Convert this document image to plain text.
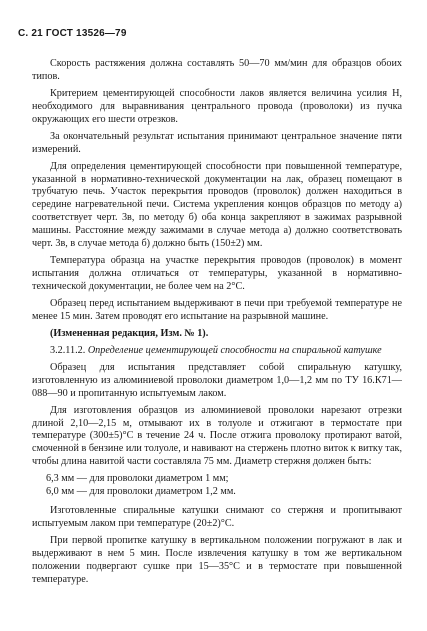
С. 21 ГОСТ 13526—79

Скорость растяжения должна составлять 50—70 мм/мин для образцов обоих типов.

Критерием цементирующей способности лаков является величина усилия Н, необходимого для выравнивания центрального провода (проволоки) из пучка окружающих его шести отрезков.

За окончательный результат испытания принимают центральное значение пяти измерений.

Для определения цементирующей способности при повышенной температуре, указанной в нормативно-технической документации на лак, образец помещают в трубчатую печь. Участок перекрытия проводов (проволок) должен находиться в середине нагревательной печи. Система укрепления концов образцов по методу а) соответствует черт. 3в, по методу б) оба конца закрепляют в зажимах разрывной машины. Расстояние между зажимами в случае метода а) должно соответствовать черт. 3в, в случае метода б) должно быть (150±2) мм.

Температура образца на участке перекрытия проводов (проволок) в момент испытания должна отличаться от температуры, указанной в нормативно-технической документации, не более чем на 2°С.

Образец перед испытанием выдерживают в печи при требуемой температуре не менее 15 мин. Затем проводят его испытание на разрывной машине.

(Измененная редакция, Изм. № 1).

3.2.11.2. Определение цементирующей способности на спиральной катушке

Образец для испытания представляет собой спиральную катушку, изготовленную из алюминиевой проволоки диаметром 1,0—1,2 мм по ТУ 16.К71—088—90 и пропитанную испытуемым лаком.

Для изготовления образцов из алюминиевой проволоки нарезают отрезки длиной 2,10—2,15 м, отмывают их в толуоле и отжигают в термостате при температуре (300±5)°С в течение 24 ч. После отжига проволоку протирают ватой, смоченной в бензине или толуоле, и навивают на стержень плотно виток к витку так, чтобы длина навитой части составляла 75 мм. Диаметр стержня должен быть:

6,3 мм — для проволоки диаметром 1 мм;

6,0 мм — для проволоки диаметром 1,2 мм.

Изготовленные спиральные катушки снимают со стержня и пропитывают испытуемым лаком при температуре (20±2)°С.

При первой пропитке катушку в вертикальном положении погружают в лак и выдерживают в нем 5 мин. После извлечения катушку в том же вертикальном положении подвергают сушке при 15—35°С и в термостате при повышенной температуре.
